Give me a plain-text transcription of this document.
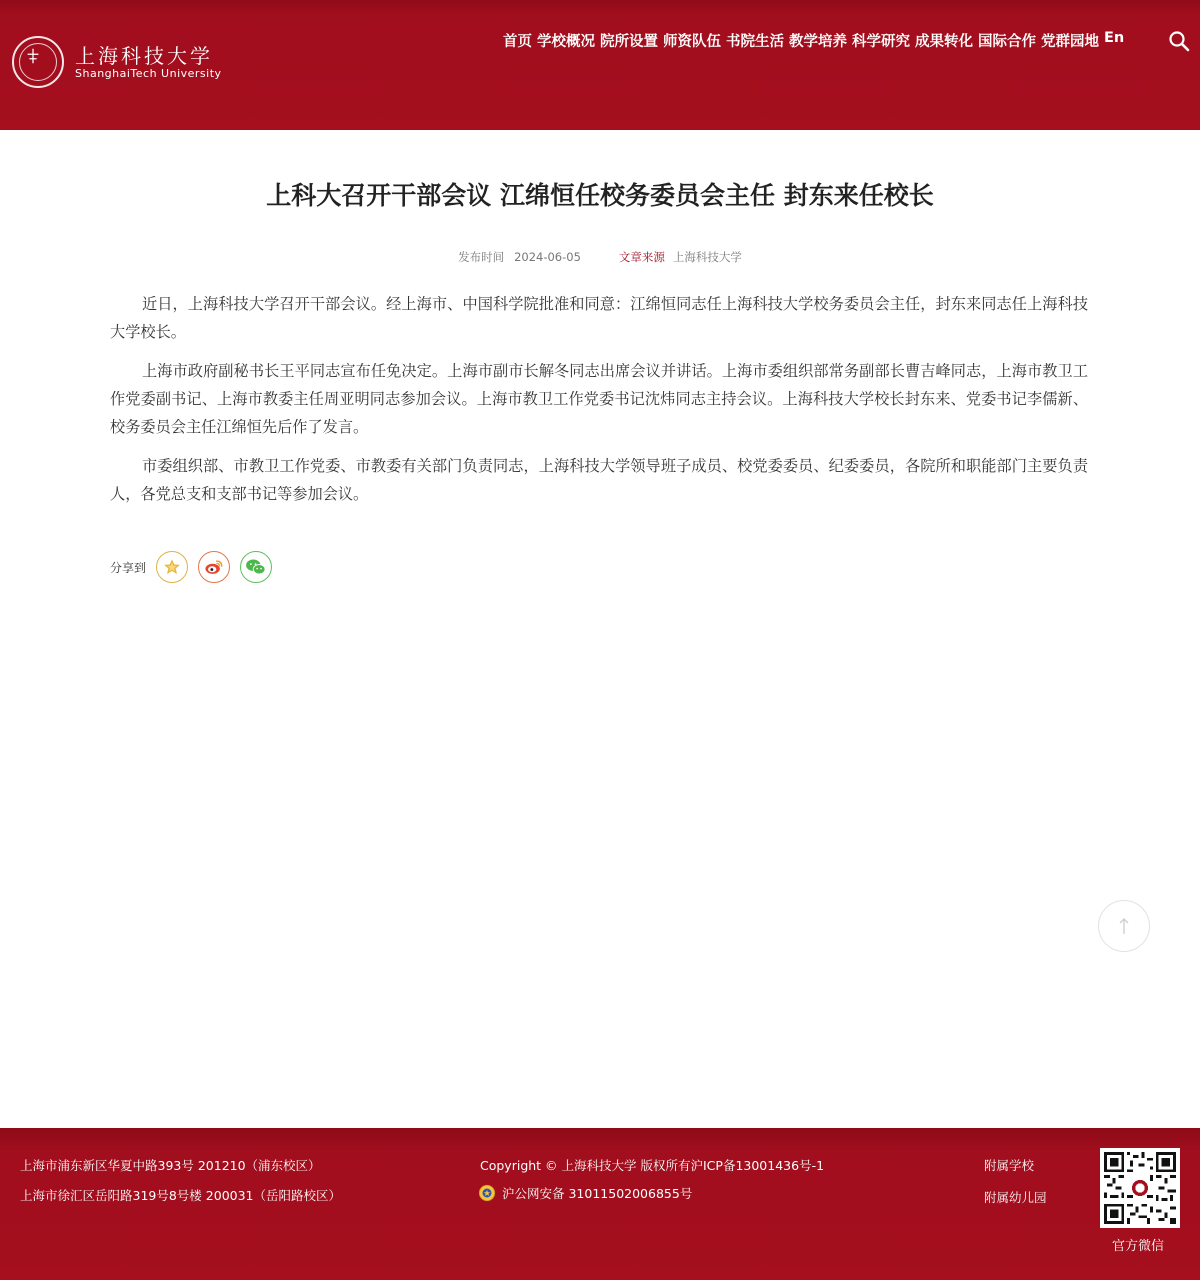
上海科技大学
ShanghaiTech University
首页 学校概况 院所设置 师资队伍 书院生活 教学培养 科学研究 成果转化 国际合作 党群园地 En
上科大召开干部会议 江绵恒任校务委员会主任 封东来任校长
发布时间 2024-06-05	文章来源 上海科技大学

近日，上海科技大学召开干部会议。经上海市、中国科学院批准和同意：江绵恒同志任上海科技大学校务委员会主任，封东来同志任上海科技大学校长。

上海市政府副秘书长王平同志宣布任免决定。上海市副市长解冬同志出席会议并讲话。上海市委组织部常务副部长曹吉峰同志，上海市教卫工作党委副书记、上海市教委主任周亚明同志参加会议。上海市教卫工作党委书记沈炜同志主持会议。上海科技大学校长封东来、党委书记李儒新、校务委员会主任江绵恒先后作了发言。

市委组织部、市教卫工作党委、市教委有关部门负责同志，上海科技大学领导班子成员、校党委委员、纪委委员，各院所和职能部门主要负责人，各党总支和支部书记等参加会议。

分享到
上海市浦东新区华夏中路393号 201210（浦东校区）
上海市徐汇区岳阳路319号8号楼 200031（岳阳路校区）
Copyright © 上海科技大学 版权所有沪ICP备13001436号-1
沪公网安备 31011502006855号
附属学校
附属幼儿园
官方微信
